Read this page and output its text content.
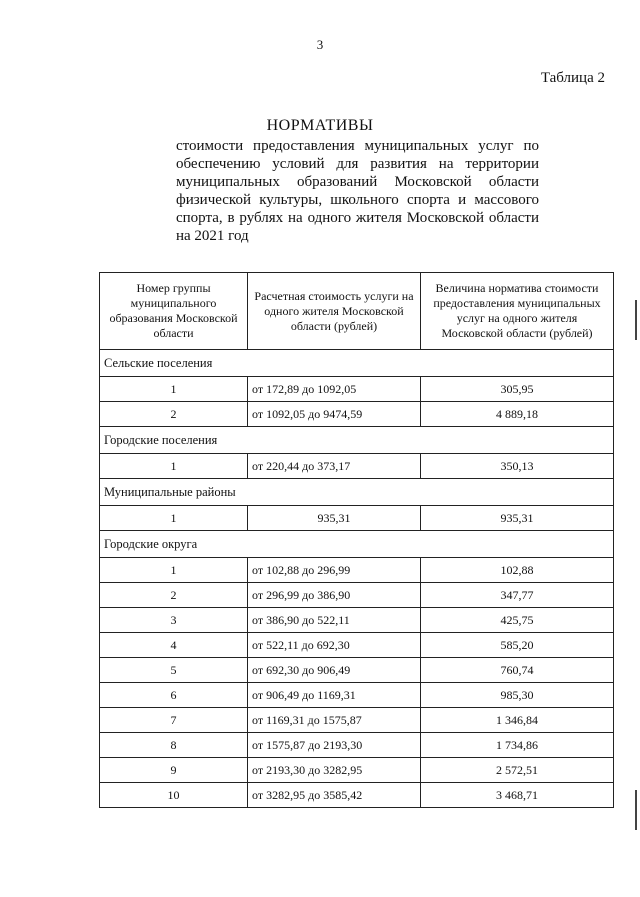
3
Таблица 2
НОРМАТИВЫ
стоимости предоставления муниципальных услуг по обеспечению условий для развития на территории муниципальных образований Московской области физической культуры, школьного спорта и массового спорта, в рублях на одного жителя Московской области на 2021 год
Номер группы муниципального образования Московской области	Расчетная стоимость услуги на одного жителя Московской области (рублей)	Величина норматива стоимости предоставления муниципальных услуг на одного жителя Московской области (рублей)
Сельские поселения		
1	от 172,89 до 1092,05	305,95
2	от 1092,05 до 9474,59	4 889,18
Городские поселения		
1	от 220,44 до 373,17	350,13
Муниципальные районы		
1	935,31	935,31
Городские округа		
1	от 102,88 до 296,99	102,88
2	от 296,99 до 386,90	347,77
3	от 386,90 до 522,11	425,75
4	от 522,11 до 692,30	585,20
5	от 692,30 до 906,49	760,74
6	от 906,49 до 1169,31	985,30
7	от 1169,31 до 1575,87	1 346,84
8	от 1575,87 до 2193,30	1 734,86
9	от 2193,30 до 3282,95	2 572,51
10	от 3282,95 до 3585,42	3 468,71
